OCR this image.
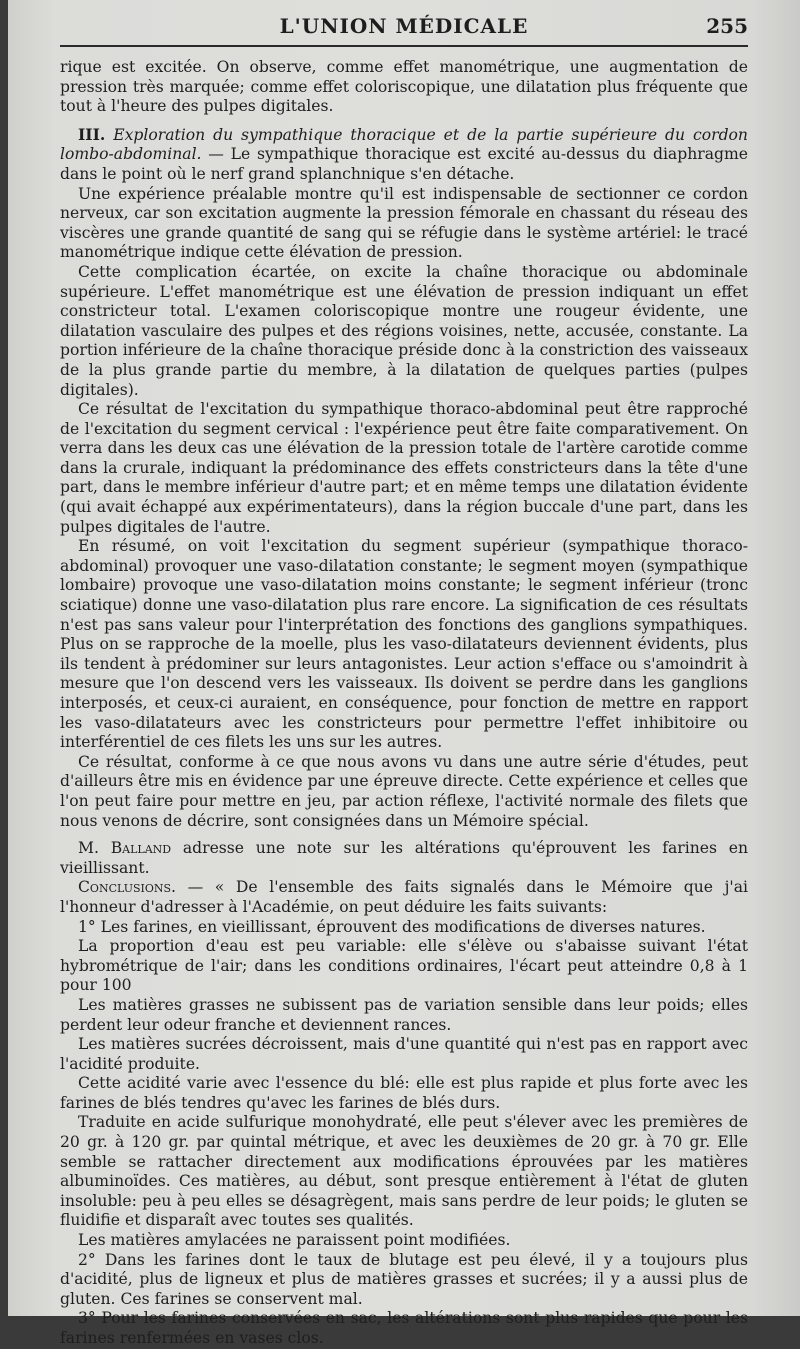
L'UNION MÉDICALE	255

rique est excitée. On observe, comme effet manométrique, une augmentation de pression très marquée; comme effet coloriscopique, une dilatation plus fréquente que tout à l'heure des pulpes digitales.

III. Exploration du sympathique thoracique et de la partie supérieure du cordon lombo-abdominal. — Le sympathique thoracique est excité au-dessus du diaphragme dans le point où le nerf grand splanchnique s'en détache.

Une expérience préalable montre qu'il est indispensable de sectionner ce cordon nerveux, car son excitation augmente la pression fémorale en chassant du réseau des viscères une grande quantité de sang qui se réfugie dans le système artériel: le tracé manométrique indique cette élévation de pression.

Cette complication écartée, on excite la chaîne thoracique ou abdominale supérieure. L'effet manométrique est une élévation de pression indiquant un effet constricteur total. L'examen coloriscopique montre une rougeur évidente, une dilatation vasculaire des pulpes et des régions voisines, nette, accusée, constante. La portion inférieure de la chaîne thoracique préside donc à la constriction des vaisseaux de la plus grande partie du membre, à la dilatation de quelques parties (pulpes digitales).

Ce résultat de l'excitation du sympathique thoraco-abdominal peut être rapproché de l'excitation du segment cervical : l'expérience peut être faite comparativement. On verra dans les deux cas une élévation de la pression totale de l'artère carotide comme dans la crurale, indiquant la prédominance des effets constricteurs dans la tête d'une part, dans le membre inférieur d'autre part; et en même temps une dilatation évidente (qui avait échappé aux expérimentateurs), dans la région buccale d'une part, dans les pulpes digitales de l'autre.

En résumé, on voit l'excitation du segment supérieur (sympathique thoraco-abdominal) provoquer une vaso-dilatation constante; le segment moyen (sympathique lombaire) provoque une vaso-dilatation moins constante; le segment inférieur (tronc sciatique) donne une vaso-dilatation plus rare encore. La signification de ces résultats n'est pas sans valeur pour l'interprétation des fonctions des ganglions sympathiques. Plus on se rapproche de la moelle, plus les vaso-dilatateurs deviennent évidents, plus ils tendent à prédominer sur leurs antagonistes. Leur action s'efface ou s'amoindrit à mesure que l'on descend vers les vaisseaux. Ils doivent se perdre dans les ganglions interposés, et ceux-ci auraient, en conséquence, pour fonction de mettre en rapport les vaso-dilatateurs avec les constricteurs pour permettre l'effet inhibitoire ou interférentiel de ces filets les uns sur les autres.

Ce résultat, conforme à ce que nous avons vu dans une autre série d'études, peut d'ailleurs être mis en évidence par une épreuve directe. Cette expérience et celles que l'on peut faire pour mettre en jeu, par action réflexe, l'activité normale des filets que nous venons de décrire, sont consignées dans un Mémoire spécial.

M. Balland adresse une note sur les altérations qu'éprouvent les farines en vieillissant.

Conclusions. — « De l'ensemble des faits signalés dans le Mémoire que j'ai l'honneur d'adresser à l'Académie, on peut déduire les faits suivants:

1° Les farines, en vieillissant, éprouvent des modifications de diverses natures.

La proportion d'eau est peu variable: elle s'élève ou s'abaisse suivant l'état hybrométrique de l'air; dans les conditions ordinaires, l'écart peut atteindre 0,8 à 1 pour 100

Les matières grasses ne subissent pas de variation sensible dans leur poids; elles perdent leur odeur franche et deviennent rances.

Les matières sucrées décroissent, mais d'une quantité qui n'est pas en rapport avec l'acidité produite.

Cette acidité varie avec l'essence du blé: elle est plus rapide et plus forte avec les farines de blés tendres qu'avec les farines de blés durs.

Traduite en acide sulfurique monohydraté, elle peut s'élever avec les premières de 20 gr. à 120 gr. par quintal métrique, et avec les deuxièmes de 20 gr. à 70 gr. Elle semble se rattacher directement aux modifications éprouvées par les matières albuminoïdes. Ces matières, au début, sont presque entièrement à l'état de gluten insoluble: peu à peu elles se désagrègent, mais sans perdre de leur poids; le gluten se fluidifie et disparaît avec toutes ses qualités.

Les matières amylacées ne paraissent point modifiées.

2° Dans les farines dont le taux de blutage est peu élevé, il y a toujours plus d'acidité, plus de ligneux et plus de matières grasses et sucrées; il y a aussi plus de gluten. Ces farines se conservent mal.

3° Pour les farines conservées en sac, les altérations sont plus rapides que pour les farines renfermées en vases clos.
